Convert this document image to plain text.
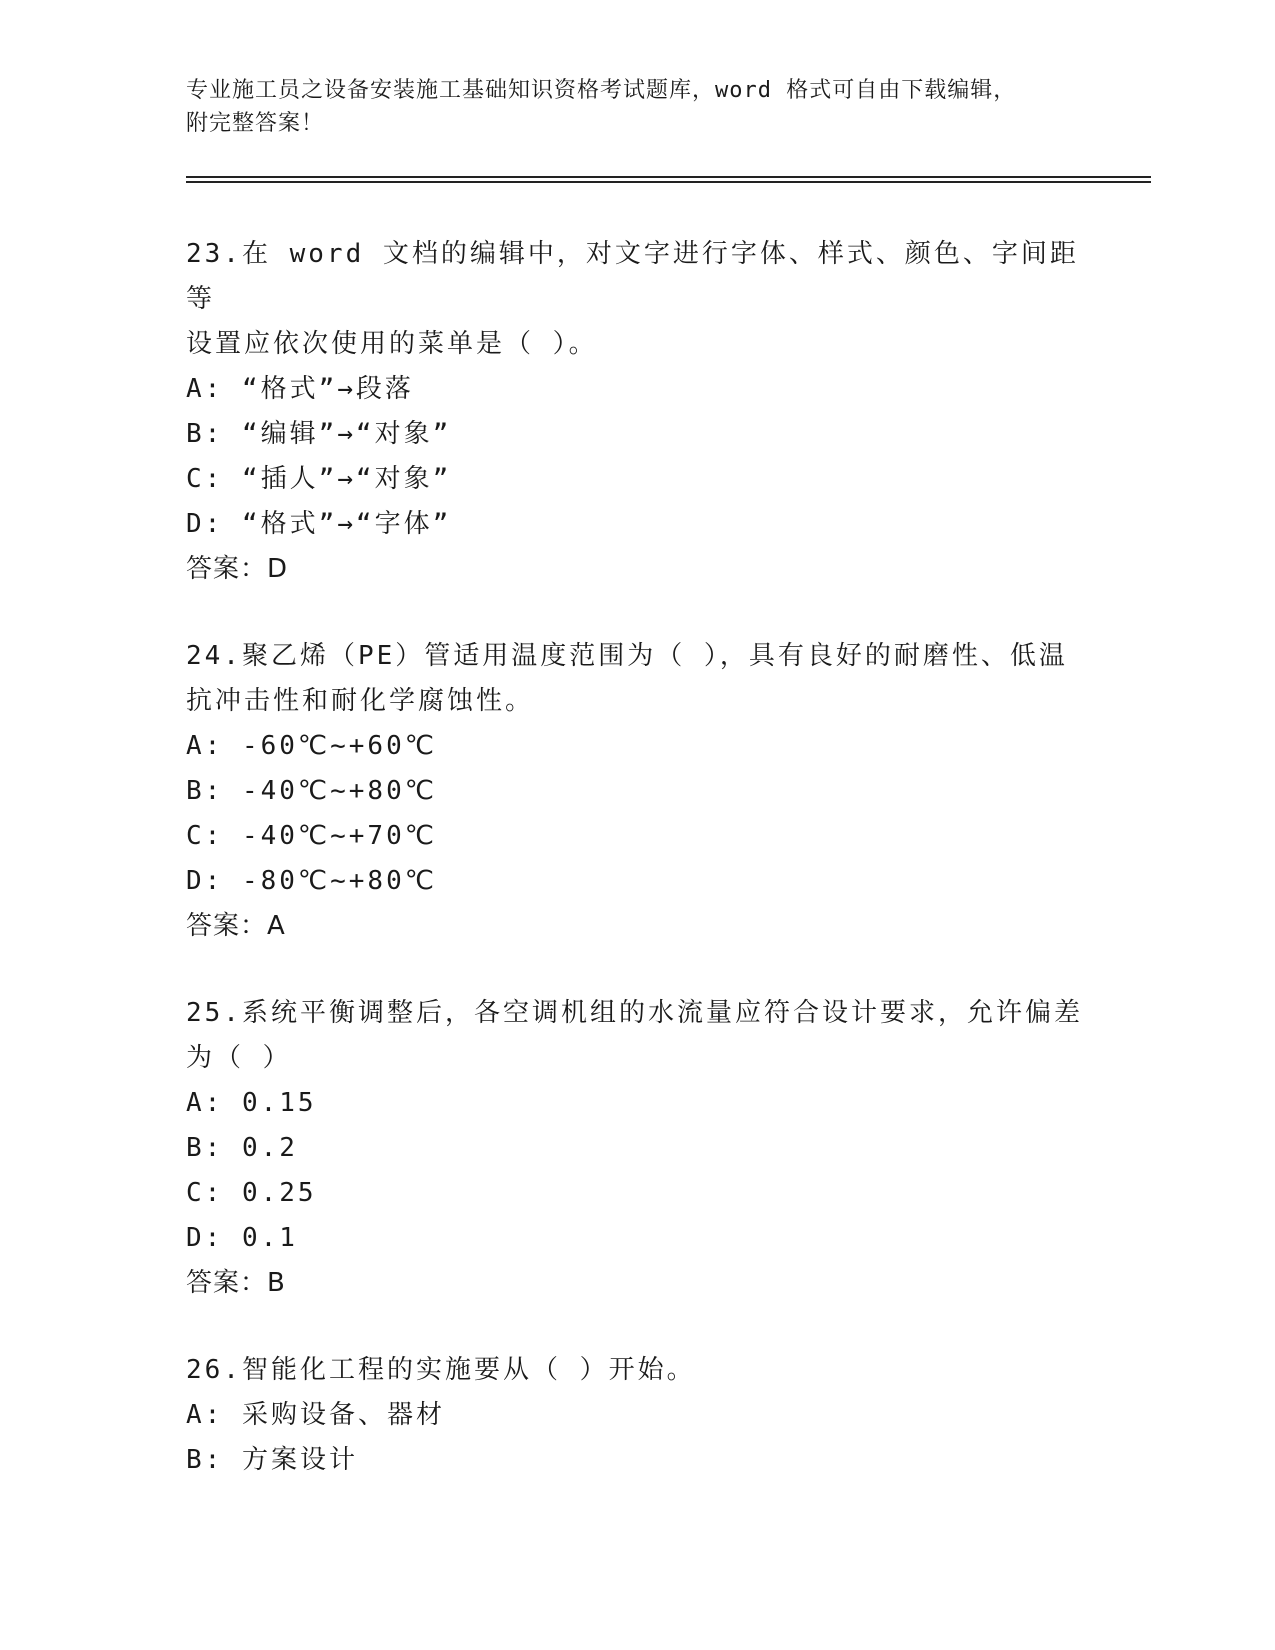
专业施工员之设备安装施工基础知识资格考试题库，word 格式可自由下载编辑，
附完整答案！
23.在 word 文档的编辑中，对文字进行字体、样式、颜色、字间距等
设置应依次使用的菜单是（ ）。
A: “格式”→段落
B: “编辑”→“对象”
C: “插人”→“对象”
D: “格式”→“字体”
答案：D
24.聚乙烯（PE）管适用温度范围为（ ），具有良好的耐磨性、低温
抗冲击性和耐化学腐蚀性。
A: -60℃~+60℃
B: -40℃~+80℃
C: -40℃~+70℃
D: -80℃~+80℃
答案：A
25.系统平衡调整后，各空调机组的水流量应符合设计要求，允许偏差
为（ ）
A: 0.15
B: 0.2
C: 0.25
D: 0.1
答案：B
26.智能化工程的实施要从（ ）开始。
A: 采购设备、器材
B: 方案设计
